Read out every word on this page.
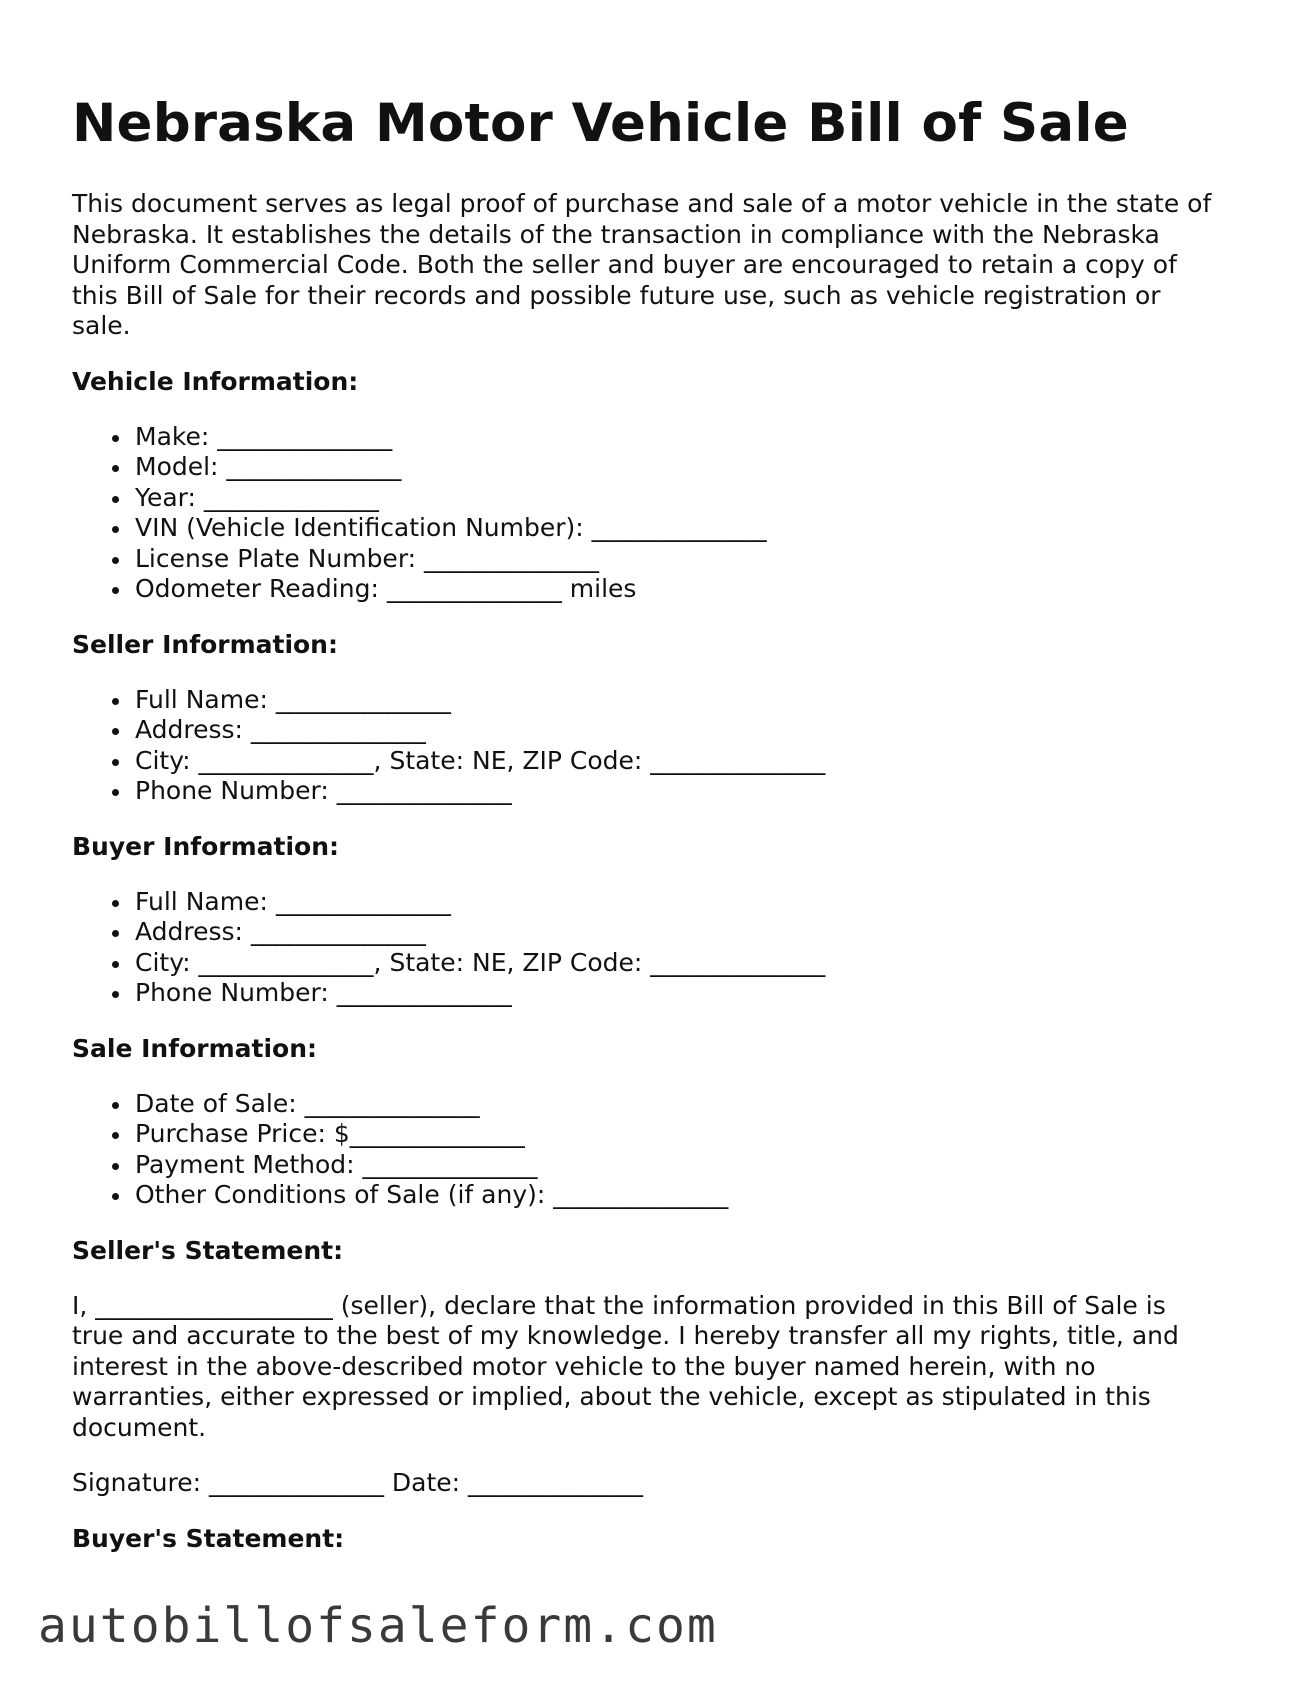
Nebraska Motor Vehicle Bill of Sale

This document serves as legal proof of purchase and sale of a motor vehicle in the state of Nebraska. It establishes the details of the transaction in compliance with the Nebraska Uniform Commercial Code. Both the seller and buyer are encouraged to retain a copy of this Bill of Sale for their records and possible future use, such as vehicle registration or sale.

Vehicle Information:
Make: ______________
Model: ______________
Year: ______________
VIN (Vehicle Identification Number): ______________
License Plate Number: ______________
Odometer Reading: ______________ miles
Seller Information:
Full Name: ______________
Address: ______________
City: ______________, State: NE, ZIP Code: ______________
Phone Number: ______________
Buyer Information:
Full Name: ______________
Address: ______________
City: ______________, State: NE, ZIP Code: ______________
Phone Number: ______________
Sale Information:
Date of Sale: ______________
Purchase Price: $______________
Payment Method: ______________
Other Conditions of Sale (if any): ______________
Seller's Statement:

I, ___________________ (seller), declare that the information provided in this Bill of Sale is true and accurate to the best of my knowledge. I hereby transfer all my rights, title, and interest in the above-described motor vehicle to the buyer named herein, with no warranties, either expressed or implied, about the vehicle, except as stipulated in this document.

Signature: ______________ Date: ______________

Buyer's Statement:
autobillofsaleform.com
